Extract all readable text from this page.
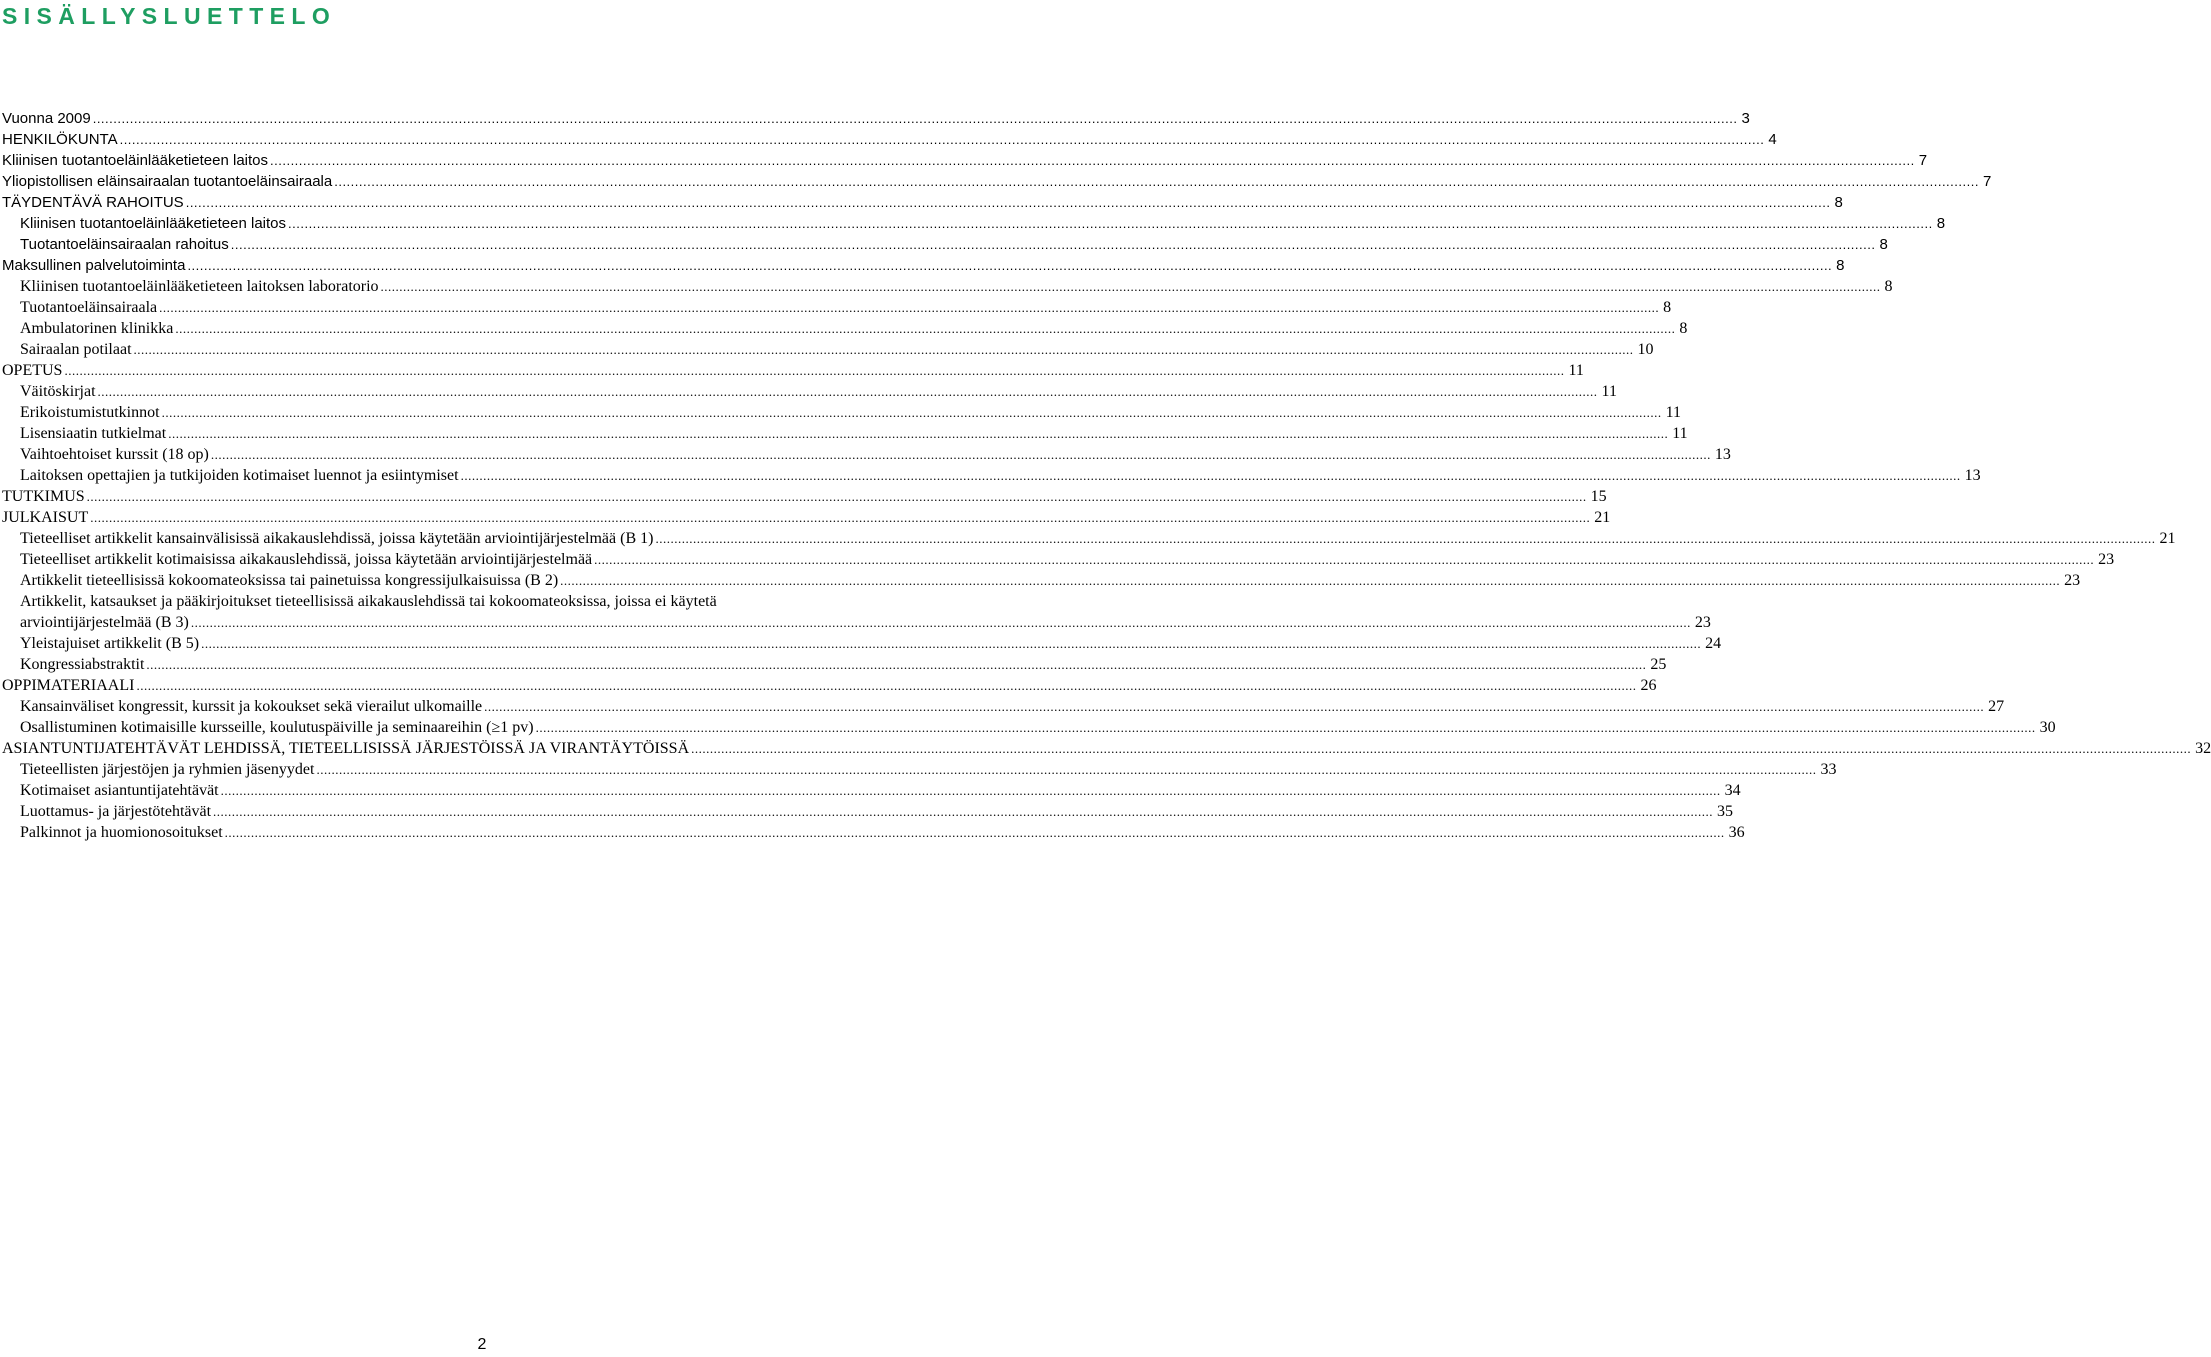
SISÄLLYSLUETTELO
Vuonna 2009 ................................................................................................................................................................................................................................................................................................................................................................................................................ 3
HENKILÖKUNTA ................................................................................................................................................................................................................................................................................................................................................................................................................ 4
Kliinisen tuotantoeläinlääketieteen laitos ................................................................................................................................................................................................................................................................................................................................................................................................................ 7
Yliopistollisen eläinsairaalan tuotantoeläinsairaala ................................................................................................................................................................................................................................................................................................................................................................................................................ 7
TÄYDENTÄVÄ RAHOITUS ................................................................................................................................................................................................................................................................................................................................................................................................................ 8
Kliinisen tuotantoeläinlääketieteen laitos ................................................................................................................................................................................................................................................................................................................................................................................................................ 8
Tuotantoeläinsairaalan rahoitus ................................................................................................................................................................................................................................................................................................................................................................................................................ 8
Maksullinen palvelutoiminta ................................................................................................................................................................................................................................................................................................................................................................................................................ 8
Kliinisen tuotantoeläinlääketieteen laitoksen laboratorio ................................................................................................................................................................................................................................................................................................................................................................................................................ 8
Tuotantoeläinsairaala ................................................................................................................................................................................................................................................................................................................................................................................................................ 8
Ambulatorinen klinikka ................................................................................................................................................................................................................................................................................................................................................................................................................ 8
Sairaalan potilaat ................................................................................................................................................................................................................................................................................................................................................................................................................ 10
OPETUS ................................................................................................................................................................................................................................................................................................................................................................................................................ 11
Väitöskirjat ................................................................................................................................................................................................................................................................................................................................................................................................................ 11
Erikoistumistutkinnot ................................................................................................................................................................................................................................................................................................................................................................................................................ 11
Lisensiaatin tutkielmat ................................................................................................................................................................................................................................................................................................................................................................................................................ 11
Vaihtoehtoiset kurssit (18 op) ................................................................................................................................................................................................................................................................................................................................................................................................................ 13
Laitoksen opettajien ja tutkijoiden kotimaiset luennot ja esiintymiset ................................................................................................................................................................................................................................................................................................................................................................................................................ 13
TUTKIMUS ................................................................................................................................................................................................................................................................................................................................................................................................................ 15
JULKAISUT ................................................................................................................................................................................................................................................................................................................................................................................................................ 21
Tieteelliset artikkelit kansainvälisissä aikakauslehdissä, joissa käytetään arviointijärjestelmää (B 1) ................................................................................................................................................................................................................................................................................................................................................................................................................ 21
Tieteelliset artikkelit kotimaisissa aikakauslehdissä, joissa käytetään arviointijärjestelmää ................................................................................................................................................................................................................................................................................................................................................................................................................ 23
Artikkelit tieteellisissä kokoomateoksissa tai painetuissa kongressijulkaisuissa (B 2) ................................................................................................................................................................................................................................................................................................................................................................................................................ 23
Artikkelit, katsaukset ja pääkirjoitukset tieteellisissä aikakauslehdissä tai kokoomateoksissa, joissa ei käytetä
arviointijärjestelmää (B 3) ................................................................................................................................................................................................................................................................................................................................................................................................................ 23
Yleistajuiset artikkelit (B 5) ................................................................................................................................................................................................................................................................................................................................................................................................................ 24
Kongressiabstraktit ................................................................................................................................................................................................................................................................................................................................................................................................................ 25
OPPIMATERIAALI ................................................................................................................................................................................................................................................................................................................................................................................................................ 26
Kansainväliset kongressit, kurssit ja kokoukset sekä vierailut ulkomaille ................................................................................................................................................................................................................................................................................................................................................................................................................ 27
Osallistuminen kotimaisille kursseille, koulutuspäiville ja seminaareihin (≥1 pv) ................................................................................................................................................................................................................................................................................................................................................................................................................ 30
ASIANTUNTIJATEHTÄVÄT LEHDISSÄ, TIETEELLISISSÄ JÄRJESTÖISSÄ JA VIRANTÄYTÖISSÄ ................................................................................................................................................................................................................................................................................................................................................................................................................ 32
Tieteellisten järjestöjen ja ryhmien jäsenyydet ................................................................................................................................................................................................................................................................................................................................................................................................................ 33
Kotimaiset asiantuntijatehtävät ................................................................................................................................................................................................................................................................................................................................................................................................................ 34
Luottamus- ja järjestötehtävät ................................................................................................................................................................................................................................................................................................................................................................................................................ 35
Palkinnot ja huomionosoitukset ................................................................................................................................................................................................................................................................................................................................................................................................................ 36
2
